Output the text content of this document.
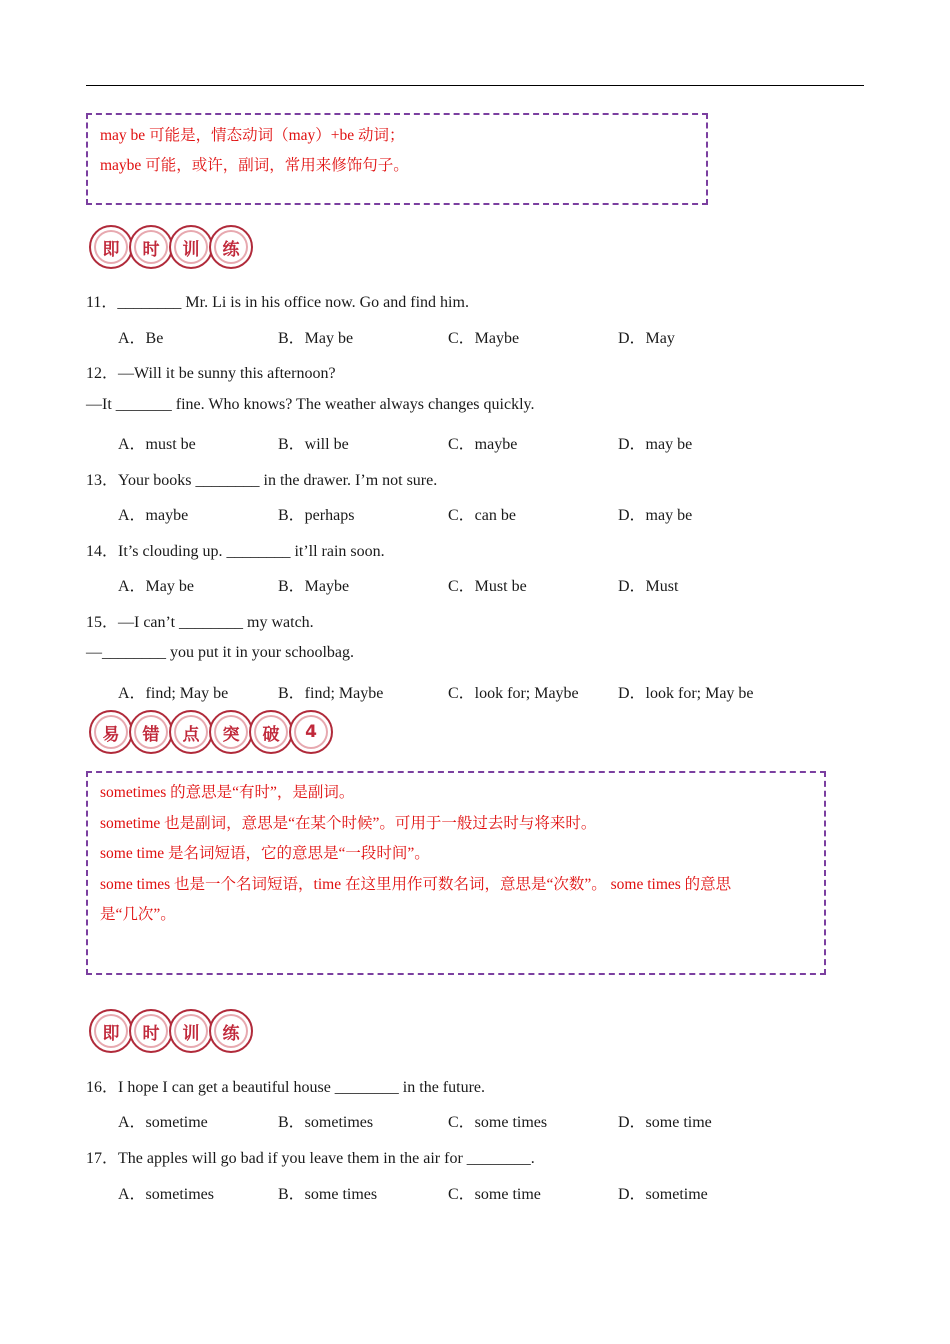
may be 可能是，情态动词（may）+be 动词；
maybe 可能，或许，副词，常用来修饰句子。
即 时 训 练
11．________ Mr. Li is in his office now. Go and find him.
A．Be	B．May be	C．Maybe	D．May
12．—Will it be sunny this afternoon?
—It _______ fine. Who knows? The weather always changes quickly.
A．must be	B．will be	C．maybe	D．may be
13．Your books ________ in the drawer. I’m not sure.
A．maybe	B．perhaps	C．can be	D．may be
14．It’s clouding up. ________ it’ll rain soon.
A．May be	B．Maybe	C．Must be	D．Must
15．—I can’t ________ my watch.
—________ you put it in your schoolbag.
A．find; May be	B．find; Maybe	C．look for; Maybe D．look for; May be
易 错 点 突 破 4
sometimes 的意思是“有时”，是副词。
sometime 也是副词，意思是“在某个时候”。可用于一般过去时与将来时。
some time 是名词短语，它的意思是“一段时间”。
some times 也是一个名词短语，time 在这里用作可数名词，意思是“次数”。 some times 的意思
是“几次”。
即 时 训 练
16．I hope I can get a beautiful house ________ in the future.
A．sometime	B．sometimes	C．some times	D．some time
17．The apples will go bad if you leave them in the air for ________.
A．sometimes	B．some times	C．some time	D．sometime
